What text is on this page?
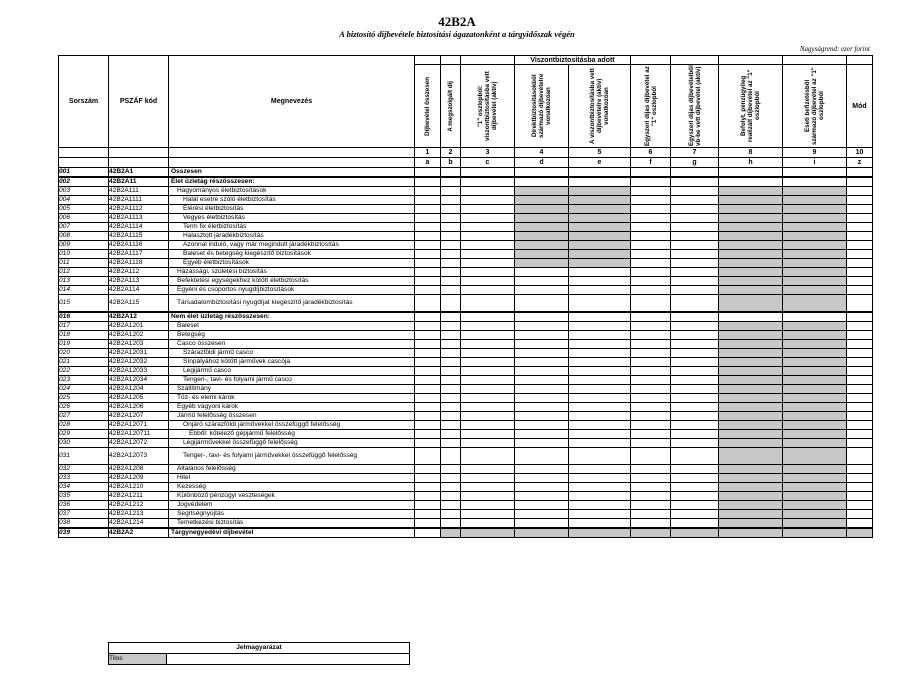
42B2A
A biztosító díjbevétele biztosítási ágazatonként a tárgyidőszak végén
Nagyságrend: ezer forint
Sorszám	PSZÁF kód	Megnevezés				Viszontbiztosításba adott						

			Díjbevétel összesen	A megszolgált díj	"1" oszlopból: viszontbiztosításba vett díjbevétel (aktív)	Direktbiztosításokból származó díjbevételre vonatkozóan	A viszontbiztosításba vett díjbevételre (aktív) vonatkozóan	Egyszeri díjas díjbevétel az "1" oszlopból	Egyszeri díjas díjbevételből vb-be vett díjbevétel (aktív)	Befolyt, pénzügyileg realizált díjbevétel az "1" oszlopból	Eseti befizetésből származó díjbevétel az "1" oszlopból	Mód
			1	2	3	4	5	6	7	8	9	10
			a	b	c	d	e	f	g	h	i	z
001	42B2A1	Összesen										
002	42B2A11	Élet üzletág részösszesen:										
003	42B2A111	Hagyományos életbiztosítások										
004	42B2A1111	Halál esetre szóló életbiztosítás										
005	42B2A1112	Elérési életbiztosítás										
006	42B2A1113	Vegyes életbiztosítás										
007	42B2A1114	Term fix életbiztosítás										
008	42B2A1115	Halasztott járadékbiztosítás										
009	42B2A1116	Azonnal induló, vagy már megindult járadékbiztosítás										
010	42B2A1117	Baleset és betegség kiegészítő biztosítások										
011	42B2A1118	Egyéb életbiztosítások										
012	42B2A112	Házassági, születési biztosítás										
013	42B2A113	Befektetési egységekhez kötött életbiztosítás										
014	42B2A114	Egyéni és csoportos nyugdíjbiztosítások										
015	42B2A115	Társadalombiztosítási nyugdíjat kiegészítő járadékbiztosítás										
016	42B2A12	Nem élet üzletág részösszesen:										
017	42B2A1201	Baleset										
018	42B2A1202	Betegség										
019	42B2A1203	Casco összesen										
020	42B2A12031	Szárazföldi jármű casco										
021	42B2A12032	Sínpályához kötött járművek cascója										
022	42B2A12033	Légijármű casco										
023	42B2A12034	Tengeri-, tavi- és folyami jármű casco										
024	42B2A1204	Szállítmány										
025	42B2A1205	Tűz- és elemi károk										
026	42B2A1206	Egyéb vagyoni károk										
027	42B2A1207	Jármű felelősség összesen										
028	42B2A12071	Önjáró szárazföldi járművekkel összefüggő felelősség										
029	42B2A120711	Ebből: kötelező gépjármű felelősség										
030	42B2A12072	Légijárművekkel összefüggő felelősség										
031	42B2A12073	Tenger-, tavi- és folyami járművekkel összefüggő felelősség										
032	42B2A1208	Általános felelősség										
033	42B2A1209	Hitel										
034	42B2A1210	Kezesség										
035	42B2A1211	Különböző pénzügyi veszteségek										
036	42B2A1212	Jogvédelem										
037	42B2A1213	Segítségnyújtás										
038	42B2A1214	Temetkezési biztosítás										
039	42B2A2	Tárgynegyedévi díjbevétel										
Jelmagyarázat
Tilos	
